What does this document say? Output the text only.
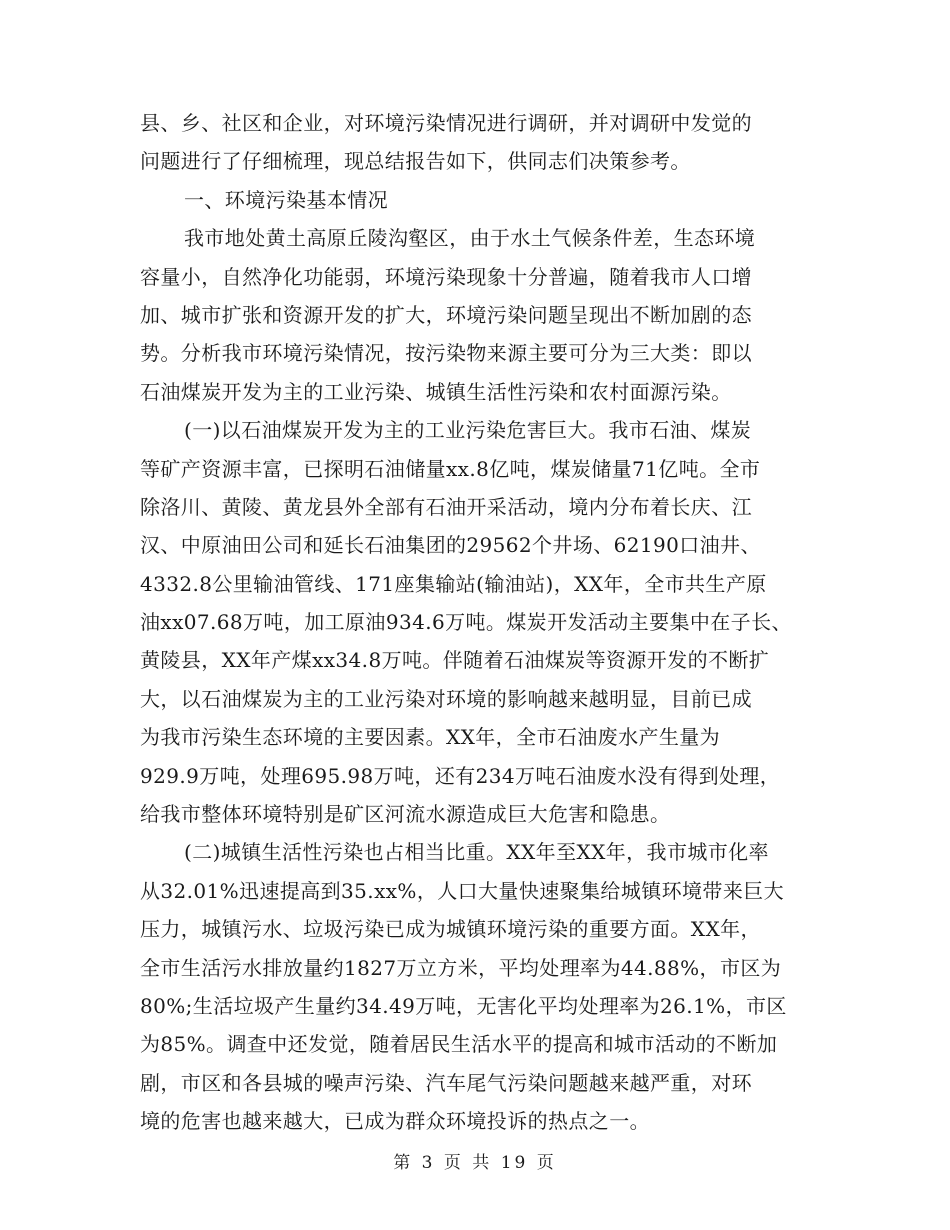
县、乡、社区和企业，对环境污染情况进行调研，并对调研中发觉的
问题进行了仔细梳理，现总结报告如下，供同志们决策参考。
一、环境污染基本情况
我市地处黄土高原丘陵沟壑区，由于水土气候条件差，生态环境
容量小，自然净化功能弱，环境污染现象十分普遍，随着我市人口增
加、城市扩张和资源开发的扩大，环境污染问题呈现出不断加剧的态
势。分析我市环境污染情况，按污染物来源主要可分为三大类：即以
石油煤炭开发为主的工业污染、城镇生活性污染和农村面源污染。
(一)以石油煤炭开发为主的工业污染危害巨大。我市石油、煤炭
等矿产资源丰富，已探明石油储量xx.8亿吨，煤炭储量71亿吨。全市
除洛川、黄陵、黄龙县外全部有石油开采活动，境内分布着长庆、江
汉、中原油田公司和延长石油集团的29562个井场、62190口油井、
4332.8公里输油管线、171座集输站(输油站)，XX年，全市共生产原
油xx07.68万吨，加工原油934.6万吨。煤炭开发活动主要集中在子长、
黄陵县，XX年产煤xx34.8万吨。伴随着石油煤炭等资源开发的不断扩
大，以石油煤炭为主的工业污染对环境的影响越来越明显，目前已成
为我市污染生态环境的主要因素。XX年，全市石油废水产生量为
929.9万吨，处理695.98万吨，还有234万吨石油废水没有得到处理，
给我市整体环境特别是矿区河流水源造成巨大危害和隐患。
(二)城镇生活性污染也占相当比重。XX年至XX年，我市城市化率
从32.01%迅速提高到35.xx%，人口大量快速聚集给城镇环境带来巨大
压力，城镇污水、垃圾污染已成为城镇环境污染的重要方面。XX年，
全市生活污水排放量约1827万立方米，平均处理率为44.88%，市区为
80%;生活垃圾产生量约34.49万吨，无害化平均处理率为26.1%，市区
为85%。调查中还发觉，随着居民生活水平的提高和城市活动的不断加
剧，市区和各县城的噪声污染、汽车尾气污染问题越来越严重，对环
境的危害也越来越大，已成为群众环境投诉的热点之一。
第 3 页 共 19 页
